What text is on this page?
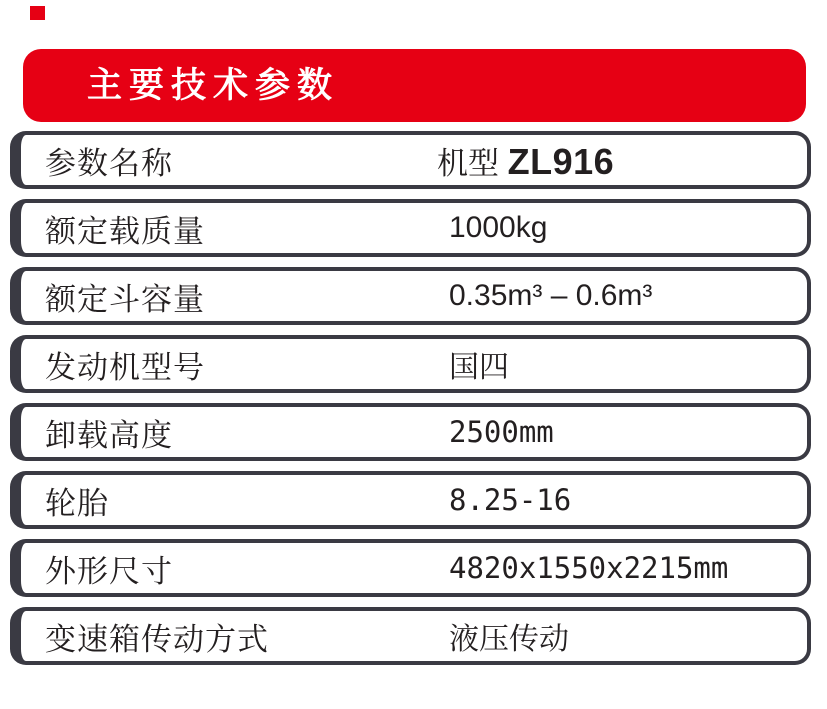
主要技术参数
参数名称	机型 ZL916
额定载质量	1000kg
额定斗容量	0.35m³ – 0.6m³
发动机型号	国四
卸载高度	2500mm
轮胎	8.25-16
外形尺寸	4820x1550x2215mm
变速箱传动方式	液压传动
